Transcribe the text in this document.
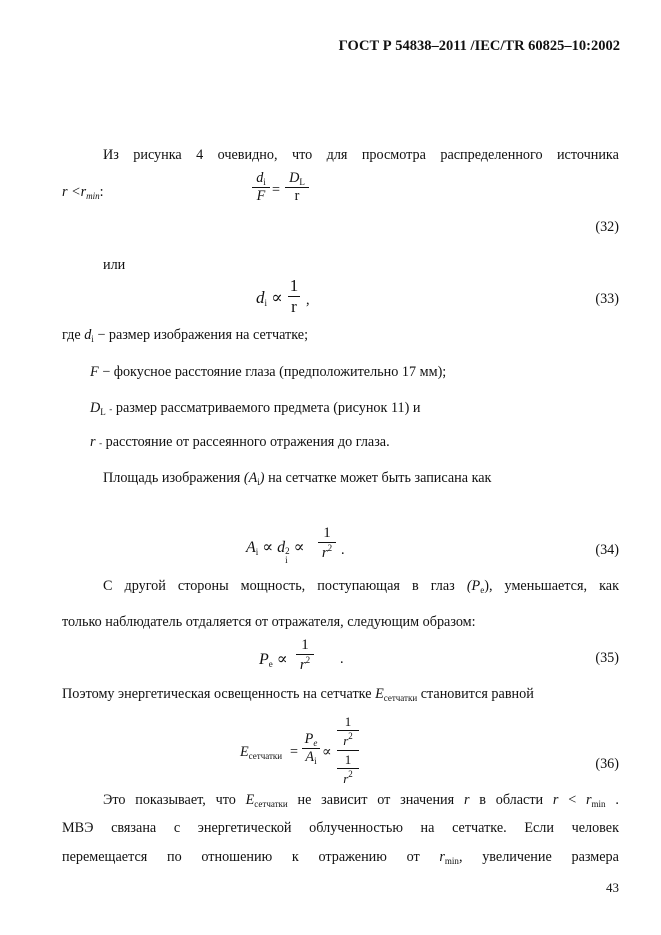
ГОСТ Р 54838–2011 /IEC/TR 60825–10:2002
Из рисунка 4 очевидно, что для просмотра распределенного источника
$r <r_{min}$:
$d_i$
F =
$D_L$
r
(32)
или
$d_i$ ∝
1
r ,	(33)
где $d_i$ − размер изображения на сетчатке;
F − фокусное расстояние глаза (предположительно 17 мм);
$D_L$ - размер рассматриваемого предмета (рисунок 11) и
r - расстояние от рассеянного отражения до глаза.
Площадь изображения $(A_i)$ на сетчатке может быть записана как
$A_i \propto d$ 2
i
∝
1
$r^2$ .	(34)
С другой стороны мощность, поступающая в глаз $(P_e)$, уменьшается, как
только наблюдатель отдаляется от отражателя, следующим образом:
$P_e$ ∝
1
$r^2$ .	(35)
Поэтому энергетическая освещенность на сетчатке $E_{сетчатки}$ становится равной
$E_{сетчатки}$ =
$P_e$
$A_i$
∝
1
$r^2$
1
$r^2$
(36)
Это показывает, что $E_{сетчатки}$ не зависит от значения r в области $r < r_{min}$ .
МВЭ связана с энергетической облученностью на сетчатке. Если человек
перемещается по отношению к отражению от $r_{min}$, увеличение размера
43
